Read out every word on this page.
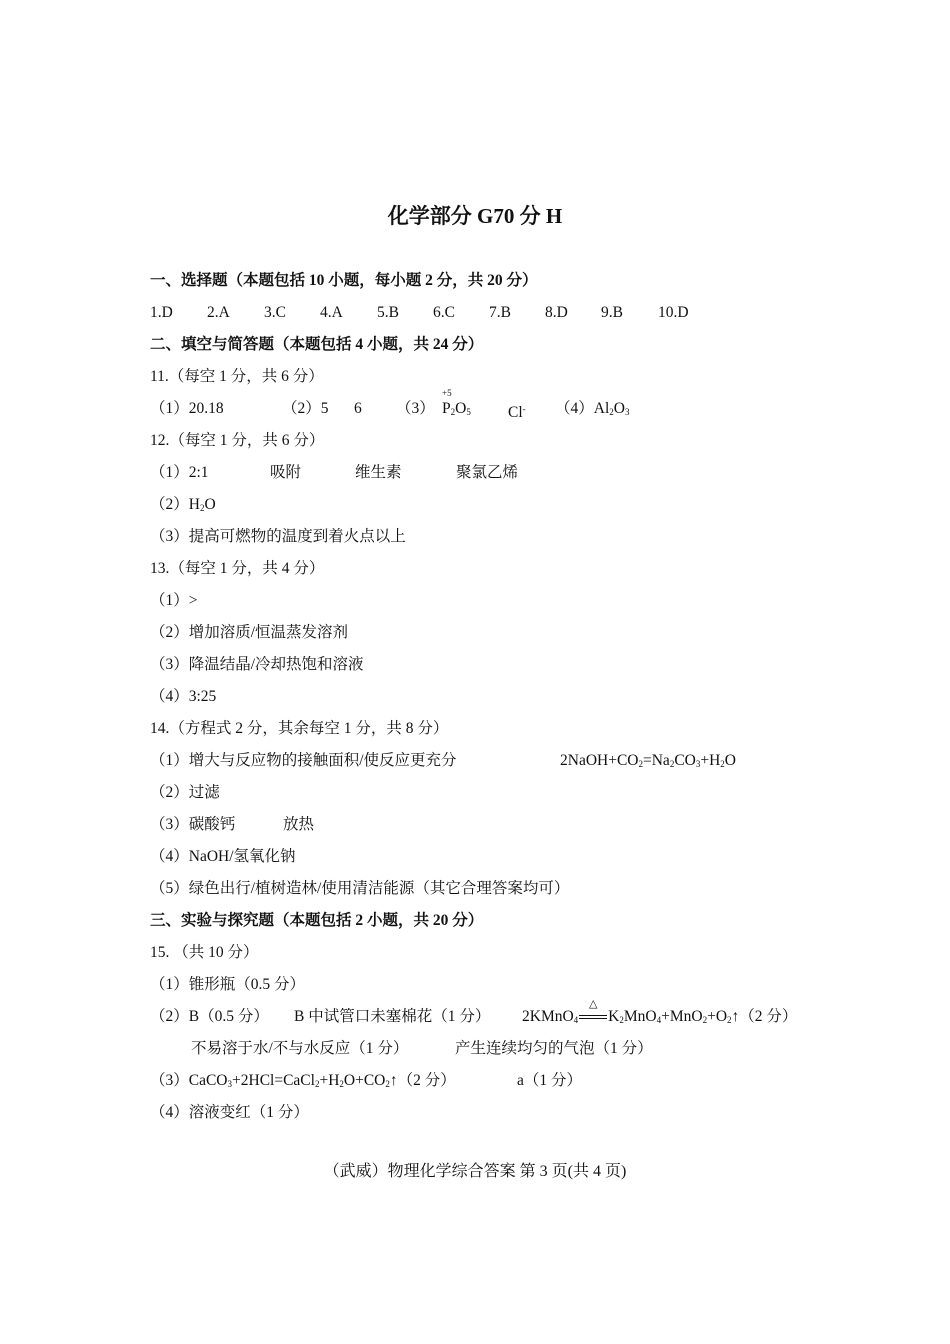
化学部分 G70 分 H
一、选择题（本题包括 10 小题，每小题 2 分，共 20 分）
1.D 2.A 3.C 4.A 5.B 6.C 7.B 8.D 9.B 10.D
二、填空与简答题（本题包括 4 小题，共 24 分）
11.（每空 1 分，共 6 分）
（1）20.18	（2）5 6 （3）
+5
$P_2O_5$ Cl- $(4)Al_2O_3$
12.（每空 1 分，共 6 分）
（1）2:1	吸附	维生素	聚氯乙烯
$(2)H_2O$
（3）提高可燃物的温度到着火点以上
13.（每空 1 分，共 4 分）
（1）>
（2）增加溶质/恒温蒸发溶剂
（3）降温结晶/冷却热饱和溶液
（4）3:25
14.（方程式 2 分，其余每空 1 分，共 8 分）
（1）增大与反应物的接触面积/使反应更充分	$2NaOH+CO_2=Na_2CO_3+H_2O$
（2）过滤
（3）碳酸钙	放热
（4）NaOH/氢氧化钠
（5）绿色出行/植树造林/使用清洁能源（其它合理答案均可）
三、实验与探究题（本题包括 2 小题，共 20 分）
15. （共 10 分）
（1）锥形瓶（0.5 分）
（2）B（0.5 分） B 中试管口未塞棉花（1 分） 2KMnO$_4$
△
$K_2MnO_4+MnO_2+O_2↑(2$ 分）
不易溶于水/不与水反应（1 分）	产生连续均匀的气泡（1 分）
$(3)CaCO_3+2HCl=CaCl_2+H_2O+CO_2↑(2$ 分）	a（1 分）
（4）溶液变红（1 分）
（武威）物理化学综合答案 第 3 页(共 4 页)
